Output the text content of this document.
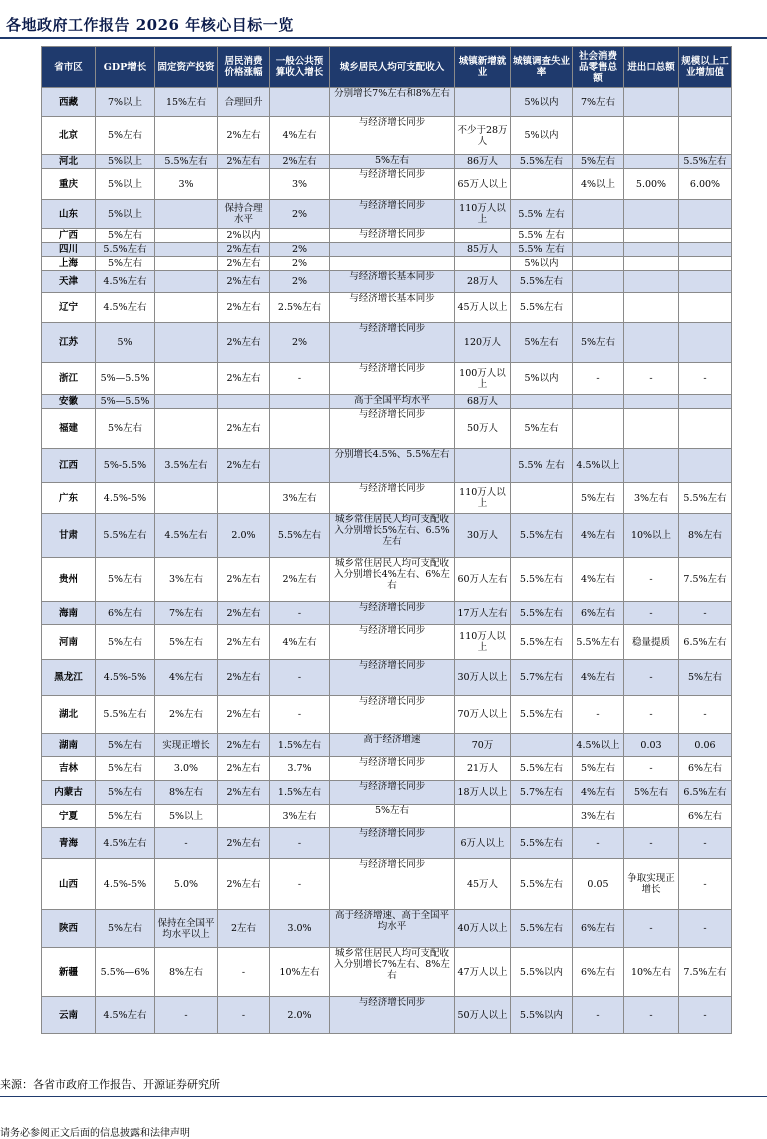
各地政府工作报告 2026 年核心目标一览
省市区	GDP增长	固定资产投资	居民消费价格涨幅	一般公共预算收入增长	城乡居民人均可支配收入	城镇新增就业	城镇调查失业率	社会消费品零售总额	进出口总额	规模以上工业增加值
西藏	7%以上	15%左右	合理回升		分别增长7%左右和8%左右		5%以内	7%左右		
北京	5%左右		2%左右	4%左右	与经济增长同步	不少于28万人	5%以内			
河北	5%以上	5.5%左右	2%左右	2%左右	5%左右	86万人	5.5%左右	5%左右		5.5%左右
重庆	5%以上	3%		3%	与经济增长同步	65万人以上		4%以上	5.00%	6.00%
山东	5%以上		保持合理水平	2%	与经济增长同步	110万人以上	5.5% 左右			
广西	5%左右		2%以内		与经济增长同步		5.5% 左右			
四川	5.5%左右		2%左右	2%		85万人	5.5% 左右			
上海	5%左右		2%左右	2%			5%以内			
天津	4.5%左右		2%左右	2%	与经济增长基本同步	28万人	5.5%左右			
辽宁	4.5%左右		2%左右	2.5%左右	与经济增长基本同步	45万人以上	5.5%左右			
江苏	5%		2%左右	2%	与经济增长同步	120万人	5%左右	5%左右		
浙江	5%—5.5%		2%左右	-	与经济增长同步	100万人以上	5%以内	-	-	-
安徽	5%—5.5%				高于全国平均水平	68万人				
福建	5%左右		2%左右		与经济增长同步	50万人	5%左右			
江西	5%-5.5%	3.5%左右	2%左右		分别增长4.5%、5.5%左右		5.5% 左右	4.5%以上		
广东	4.5%-5%			3%左右	与经济增长同步	110万人以上		5%左右	3%左右	5.5%左右
甘肃	5.5%左右	4.5%左右	2.0%	5.5%左右	城乡常住居民人均可支配收入分别增长5%左右、6.5%左右	30万人	5.5%左右	4%左右	10%以上	8%左右
贵州	5%左右	3%左右	2%左右	2%左右	城乡常住居民人均可支配收入分别增长4%左右、6%左右	60万人左右	5.5%左右	4%左右	-	7.5%左右
海南	6%左右	7%左右	2%左右	-	与经济增长同步	17万人左右	5.5%左右	6%左右	-	-
河南	5%左右	5%左右	2%左右	4%左右	与经济增长同步	110万人以上	5.5%左右	5.5%左右	稳量提质	6.5%左右
黑龙江	4.5%-5%	4%左右	2%左右	-	与经济增长同步	30万人以上	5.7%左右	4%左右	-	5%左右
湖北	5.5%左右	2%左右	2%左右	-	与经济增长同步	70万人以上	5.5%左右	-	-	-
湖南	5%左右	实现正增长	2%左右	1.5%左右	高于经济增速	70万		4.5%以上	0.03	0.06
吉林	5%左右	3.0%	2%左右	3.7%	与经济增长同步	21万人	5.5%左右	5%左右	-	6%左右
内蒙古	5%左右	8%左右	2%左右	1.5%左右	与经济增长同步	18万人以上	5.7%左右	4%左右	5%左右	6.5%左右
宁夏	5%左右	5%以上		3%左右	5%左右			3%左右		6%左右
青海	4.5%左右	-	2%左右	-	与经济增长同步	6万人以上	5.5%左右	-	-	-
山西	4.5%-5%	5.0%	2%左右	-	与经济增长同步	45万人	5.5%左右	0.05	争取实现正增长	-
陕西	5%左右	保持在全国平均水平以上	2左右	3.0%	高于经济增速、高于全国平均水平	40万人以上	5.5%左右	6%左右	-	-
新疆	5.5%—6%	8%左右	-	10%左右	城乡常住居民人均可支配收入分别增长7%左右、8%左右	47万人以上	5.5%以内	6%左右	10%左右	7.5%左右
云南	4.5%左右	-	-	2.0%	与经济增长同步	50万人以上	5.5%以内	-	-	-
来源：各省市政府工作报告、开源证券研究所
请务必参阅正文后面的信息披露和法律声明
